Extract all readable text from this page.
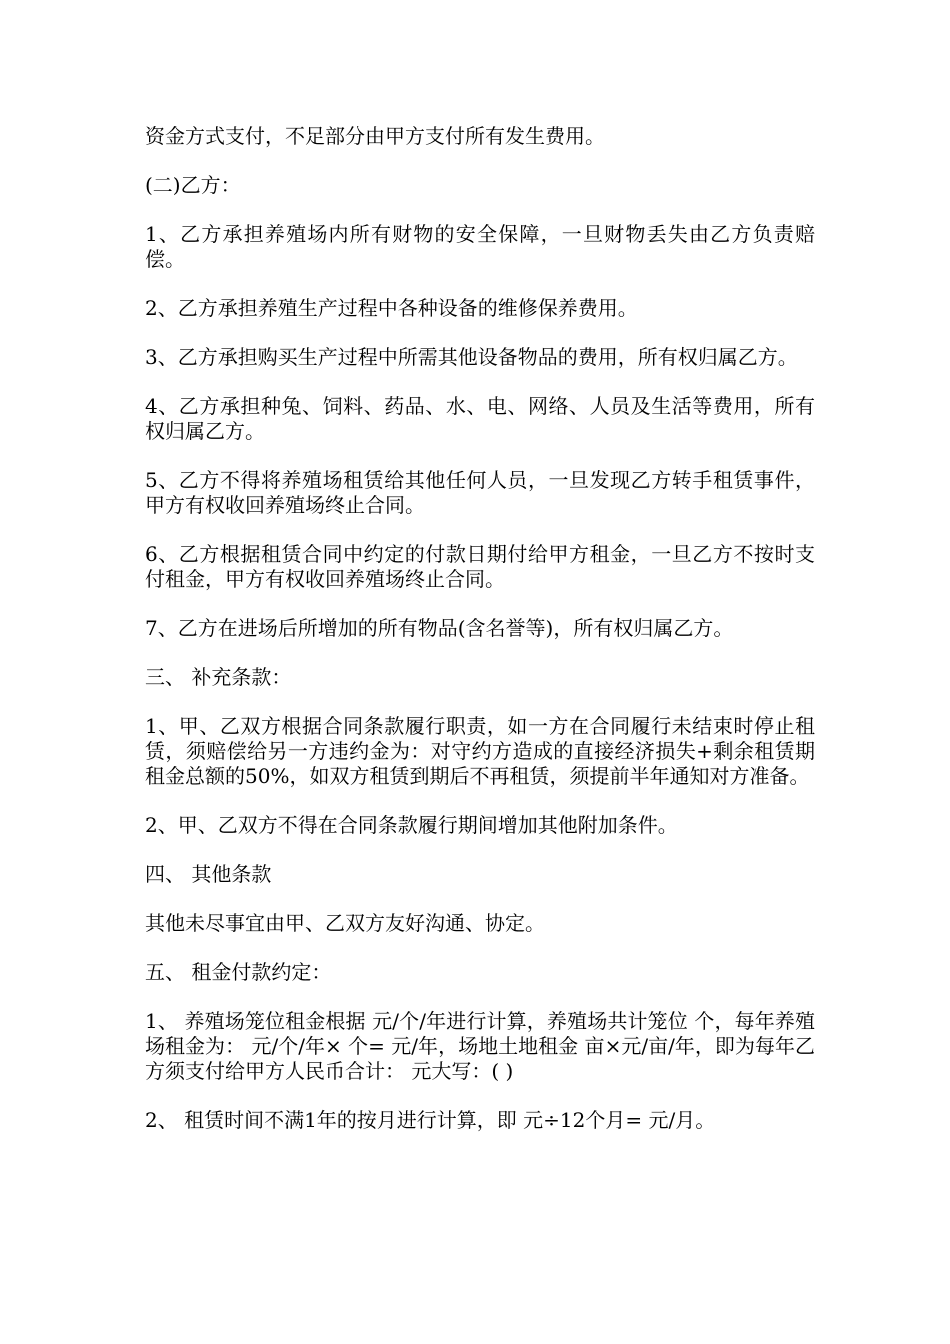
资金方式支付，不足部分由甲方支付所有发生费用。

(二)乙方：

1、乙方承担养殖场内所有财物的安全保障，一旦财物丢失由乙方负责赔偿。

2、乙方承担养殖生产过程中各种设备的维修保养费用。

3、乙方承担购买生产过程中所需其他设备物品的费用，所有权归属乙方。

4、乙方承担种兔、饲料、药品、水、电、网络、人员及生活等费用，所有权归属乙方。

5、乙方不得将养殖场租赁给其他任何人员，一旦发现乙方转手租赁事件，甲方有权收回养殖场终止合同。

6、乙方根据租赁合同中约定的付款日期付给甲方租金，一旦乙方不按时支付租金，甲方有权收回养殖场终止合同。

7、乙方在进场后所增加的所有物品(含名誉等)，所有权归属乙方。

三、 补充条款：

1、甲、乙双方根据合同条款履行职责，如一方在合同履行未结束时停止租赁，须赔偿给另一方违约金为：对守约方造成的直接经济损失+剩余租赁期租金总额的50%，如双方租赁到期后不再租赁，须提前半年通知对方准备。

2、甲、乙双方不得在合同条款履行期间增加其他附加条件。

四、 其他条款

其他未尽事宜由甲、乙双方友好沟通、协定。

五、 租金付款约定：

1、 养殖场笼位租金根据 元/个/年进行计算，养殖场共计笼位 个，每年养殖场租金为： 元/个/年× 个= 元/年，场地土地租金 亩×元/亩/年，即为每年乙方须支付给甲方人民币合计： 元大写：( )

2、 租赁时间不满1年的按月进行计算，即 元÷12个月= 元/月。
